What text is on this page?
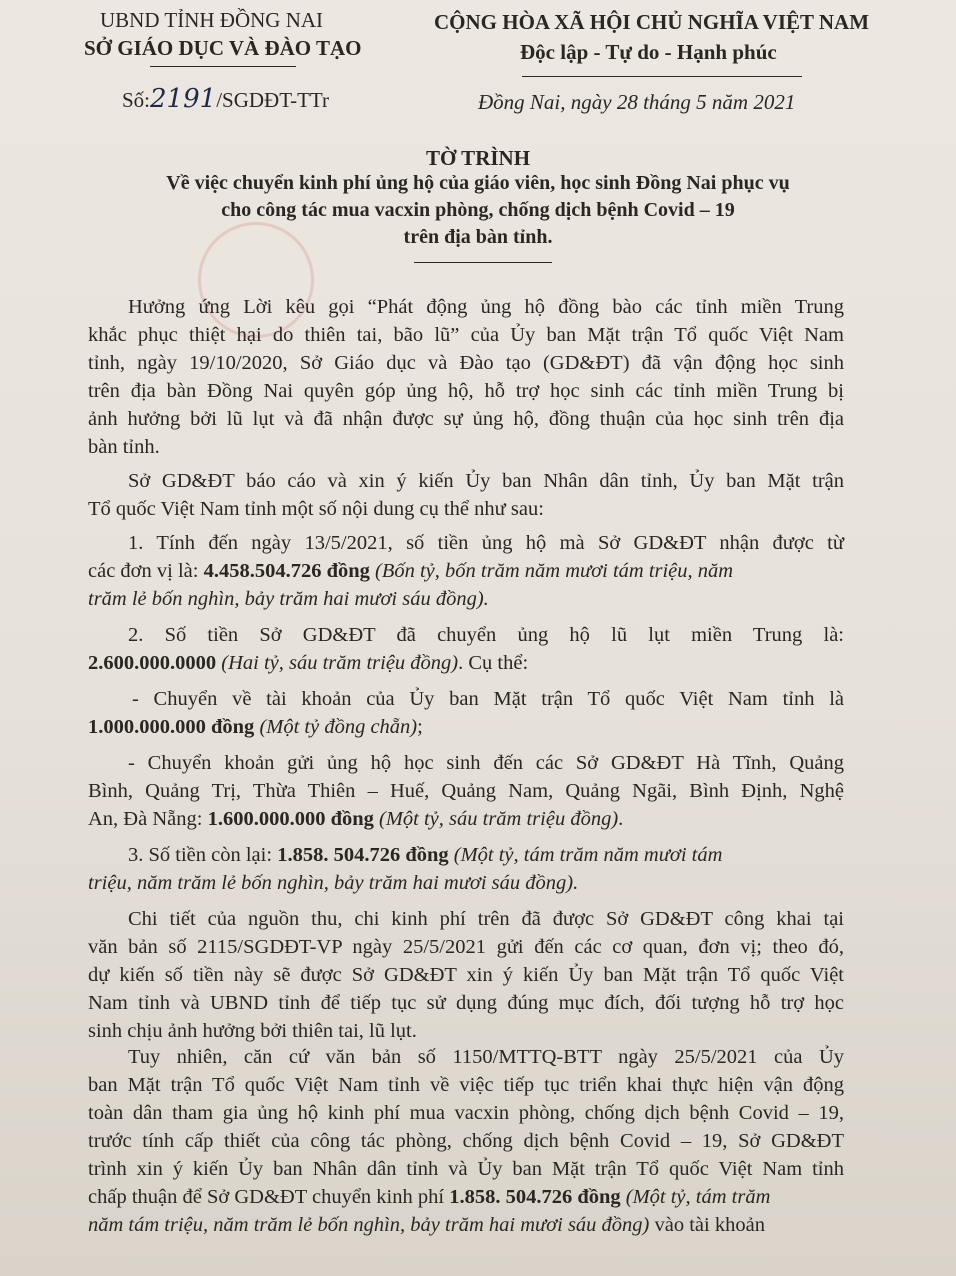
UBND TỈNH ĐỒNG NAI
SỞ GIÁO DỤC VÀ ĐÀO TẠO
Số:2191/SGDĐT-TTr
CỘNG HÒA XÃ HỘI CHỦ NGHĨA VIỆT NAM
Độc lập - Tự do - Hạnh phúc
Đồng Nai, ngày 28 tháng 5 năm 2021
TỜ TRÌNH
Về việc chuyển kinh phí ủng hộ của giáo viên, học sinh Đồng Nai phục vụ
cho công tác mua vacxin phòng, chống dịch bệnh Covid – 19
trên địa bàn tỉnh.
Hưởng ứng Lời kêu gọi “Phát động ủng hộ đồng bào các tỉnh miền Trung
khắc phục thiệt hại do thiên tai, bão lũ” của Ủy ban Mặt trận Tổ quốc Việt Nam
tỉnh, ngày 19/10/2020, Sở Giáo dục và Đào tạo (GD&ĐT) đã vận động học sinh
trên địa bàn Đồng Nai quyên góp ủng hộ, hỗ trợ học sinh các tỉnh miền Trung bị
ảnh hưởng bởi lũ lụt và đã nhận được sự ủng hộ, đồng thuận của học sinh trên địa
bàn tỉnh.
Sở GD&ĐT báo cáo và xin ý kiến Ủy ban Nhân dân tỉnh, Ủy ban Mặt trận
Tổ quốc Việt Nam tỉnh một số nội dung cụ thể như sau:
1. Tính đến ngày 13/5/2021, số tiền ủng hộ mà Sở GD&ĐT nhận được từ
các đơn vị là: 4.458.504.726 đồng (Bốn tỷ, bốn trăm năm mươi tám triệu, năm
trăm lẻ bốn nghìn, bảy trăm hai mươi sáu đồng).
2. Số tiền Sở GD&ĐT đã chuyển ủng hộ lũ lụt miền Trung là:
2.600.000.0000 (Hai tỷ, sáu trăm triệu đồng). Cụ thể:
- Chuyển về tài khoản của Ủy ban Mặt trận Tổ quốc Việt Nam tỉnh là
1.000.000.000 đồng (Một tỷ đồng chẵn);
- Chuyển khoản gửi ủng hộ học sinh đến các Sở GD&ĐT Hà Tĩnh, Quảng
Bình, Quảng Trị, Thừa Thiên – Huế, Quảng Nam, Quảng Ngãi, Bình Định, Nghệ
An, Đà Nẵng: 1.600.000.000 đồng (Một tỷ, sáu trăm triệu đồng).
3. Số tiền còn lại: 1.858. 504.726 đồng (Một tỷ, tám trăm năm mươi tám
triệu, năm trăm lẻ bốn nghìn, bảy trăm hai mươi sáu đồng).
Chi tiết của nguồn thu, chi kinh phí trên đã được Sở GD&ĐT công khai tại
văn bản số 2115/SGDĐT-VP ngày 25/5/2021 gửi đến các cơ quan, đơn vị; theo đó,
dự kiến số tiền này sẽ được Sở GD&ĐT xin ý kiến Ủy ban Mặt trận Tổ quốc Việt
Nam tỉnh và UBND tỉnh để tiếp tục sử dụng đúng mục đích, đối tượng hỗ trợ học
sinh chịu ảnh hưởng bởi thiên tai, lũ lụt.
Tuy nhiên, căn cứ văn bản số 1150/MTTQ-BTT ngày 25/5/2021 của Ủy
ban Mặt trận Tổ quốc Việt Nam tỉnh về việc tiếp tục triển khai thực hiện vận động
toàn dân tham gia ủng hộ kinh phí mua vacxin phòng, chống dịch bệnh Covid – 19,
trước tính cấp thiết của công tác phòng, chống dịch bệnh Covid – 19, Sở GD&ĐT
trình xin ý kiến Ủy ban Nhân dân tỉnh và Ủy ban Mặt trận Tổ quốc Việt Nam tỉnh
chấp thuận để Sở GD&ĐT chuyển kinh phí 1.858. 504.726 đồng (Một tỷ, tám trăm
năm tám triệu, năm trăm lẻ bốn nghìn, bảy trăm hai mươi sáu đồng) vào tài khoản
